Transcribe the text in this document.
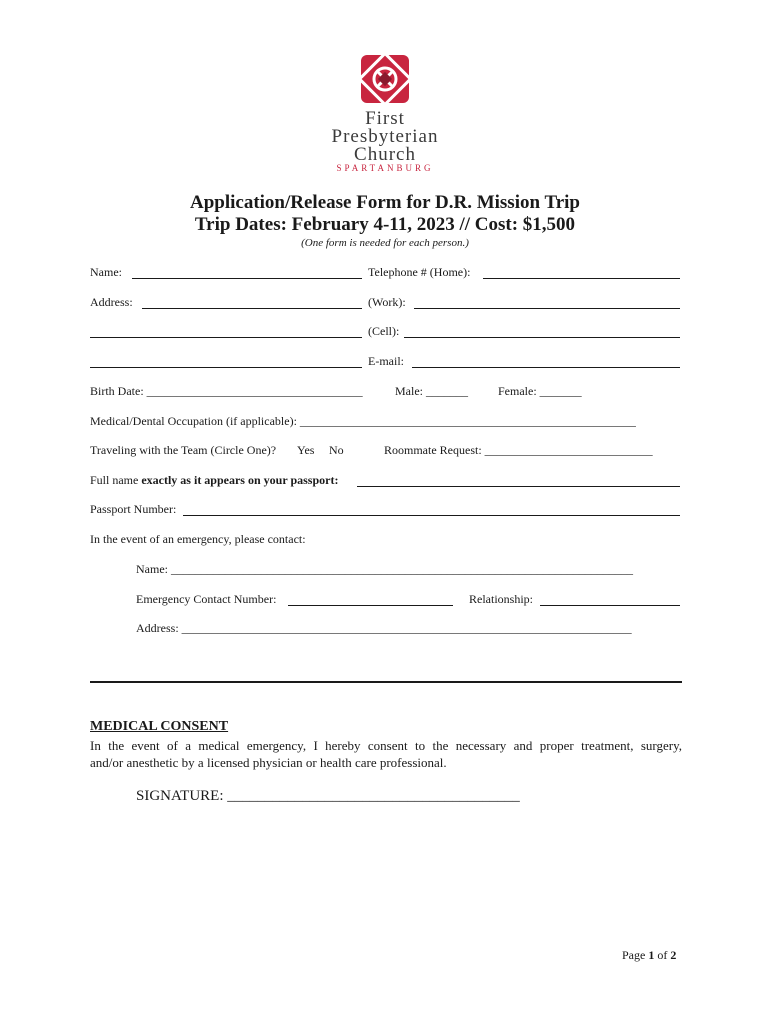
First
Presbyterian
Church
SPARTANBURG
Application/Release Form for D.R. Mission Trip
Trip Dates: February 4-11, 2023 // Cost: $1,500
(One form is needed for each person.)
Name:	Telephone # (Home):
Address:	(Work):
(Cell):
E-mail:
Birth Date: ____________________________________	Male: _______	Female: _______
Medical/Dental Occupation (if applicable): ________________________________________________________
Traveling with the Team (Circle One)? Yes No	Roommate Request: ____________________________
Full name exactly as it appears on your passport:
Passport Number:
In the event of an emergency, please contact:
Name: _____________________________________________________________________________
Emergency Contact Number:	Relationship:
Address: ___________________________________________________________________________
MEDICAL CONSENT
In the event of a medical emergency, I hereby consent to the necessary and proper treatment, surgery,
and/or anesthetic by a licensed physician or health care professional.
SIGNATURE: _______________________________________
Page 1 of 2
